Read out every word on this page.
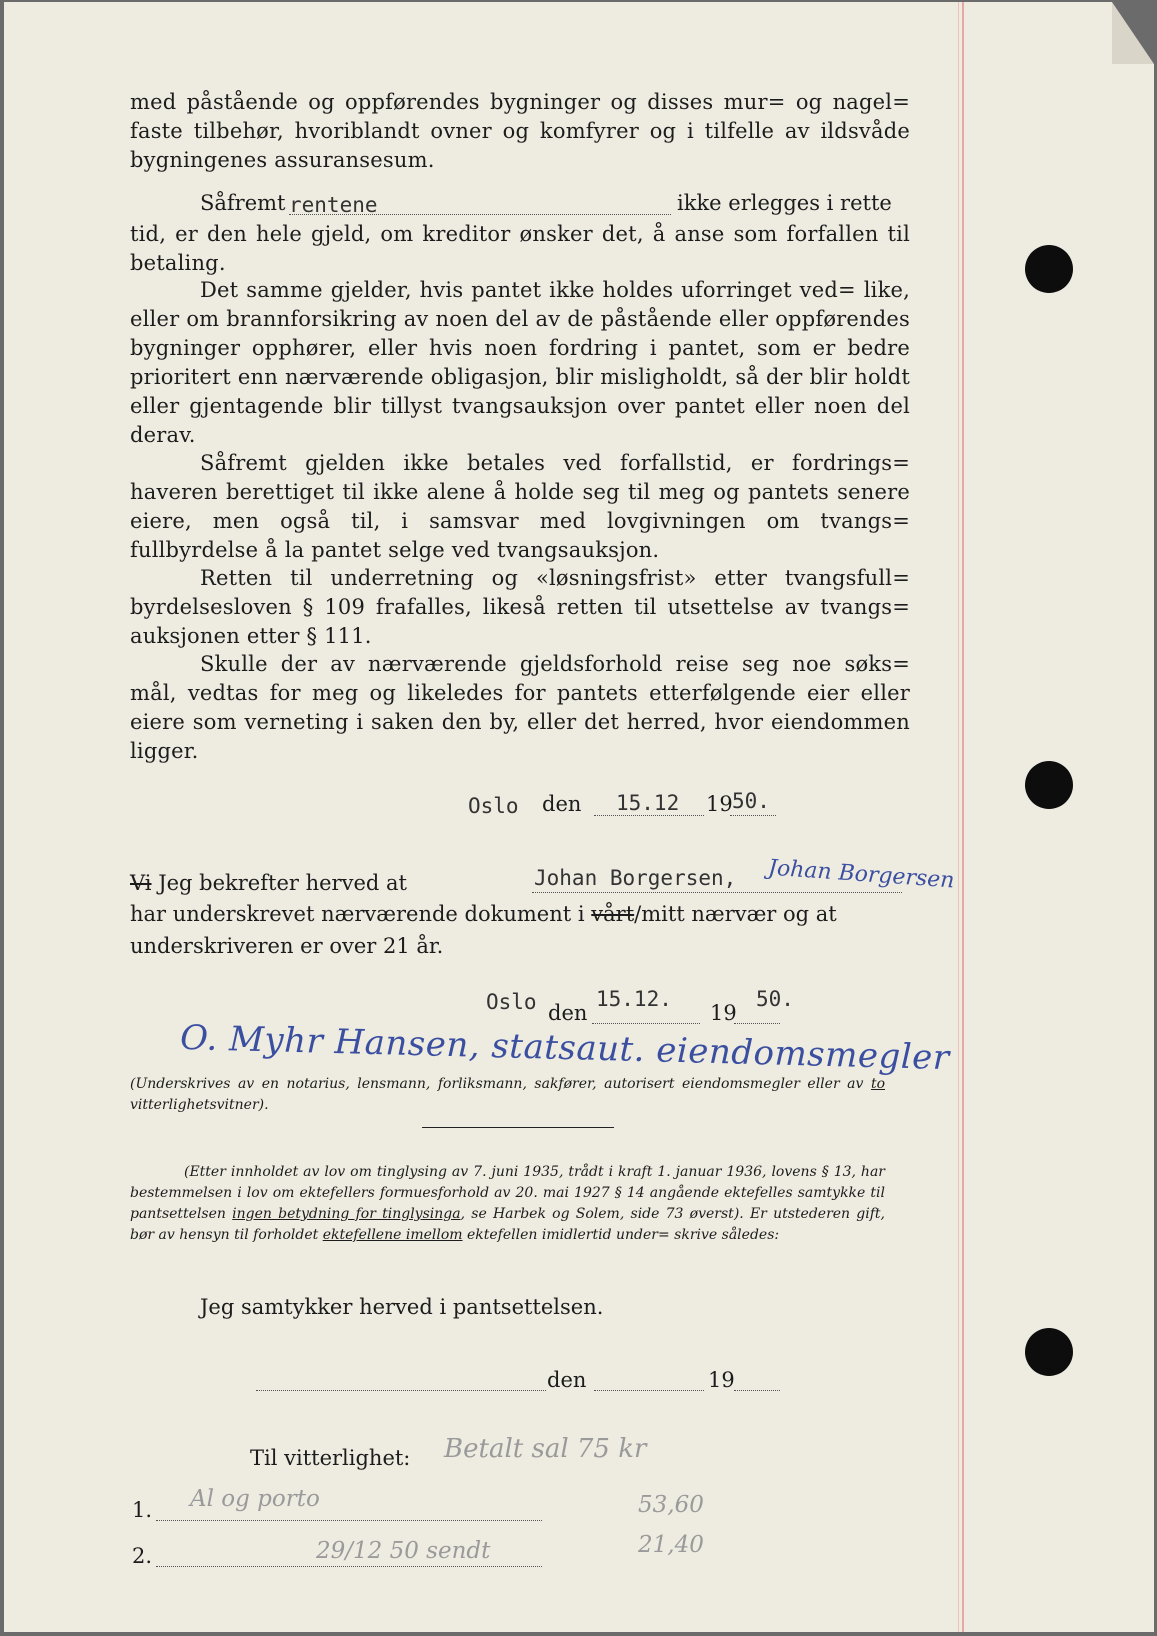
med påstående og oppførendes bygninger og disses mur= og nagel= faste tilbehør, hvoriblandt ovner og komfyrer og i tilfelle av ildsvåde bygningenes assuransesum.

Såfremt rentene	ikke erlegges i rette

tid, er den hele gjeld, om kreditor ønsker det, å anse som forfallen til betaling.

Det samme gjelder, hvis pantet ikke holdes uforringet ved= like, eller om brannforsikring av noen del av de påstående eller oppførendes bygninger opphører, eller hvis noen fordring i pantet, som er bedre prioritert enn nærværende obligasjon, blir misligholdt, så der blir holdt eller gjentagende blir tillyst tvangsauksjon over pantet eller noen del derav.

Såfremt gjelden ikke betales ved forfallstid, er fordrings= haveren berettiget til ikke alene å holde seg til meg og pantets senere eiere, men også til, i samsvar med lovgivningen om tvangs= fullbyrdelse å la pantet selge ved tvangsauksjon.

Retten til underretning og «løsningsfrist» etter tvangsfull= byrdelsesloven § 109 frafalles, likeså retten til utsettelse av tvangs= auksjonen etter § 111.

Skulle der av nærværende gjeldsforhold reise seg noe søks= mål, vedtas for meg og likeledes for pantets etterfølgende eier eller eiere som verneting i saken den by, eller det herred, hvor eiendommen ligger.

Oslo den 15.12 19 50.
Vi Jeg bekrefter herved at	Johan Borgersen, Johan Borgersen
har underskrevet nærværende dokument i vårt/mitt nærvær og at
underskriveren er over 21 år.
Oslo den
15.12.
19
50.
O. Myhr Hansen, statsaut. eiendomsmegler

(Underskrives av en notarius, lensmann, forliksmann, sakfører, autorisert eiendomsmegler eller av to vitterlighetsvitner).

(Etter innholdet av lov om tinglysing av 7. juni 1935, trådt i kraft 1. januar 1936, lovens § 13, har bestemmelsen i lov om ektefellers formuesforhold av 20. mai 1927 § 14 angående ektefelles samtykke til pantsettelsen ingen betydning for tinglysinga, se Harbek og Solem, side 73 øverst). Er utstederen gift, bør av hensyn til forholdet ektefellene imellom ektefellen imidlertid under= skrive således:

Jeg samtykker herved i pantsettelsen.
den	19
Til vitterlighet:
1.
2.
Betalt sal 75 kr
Al og porto	53,60
29/12 50 sendt	21,40
